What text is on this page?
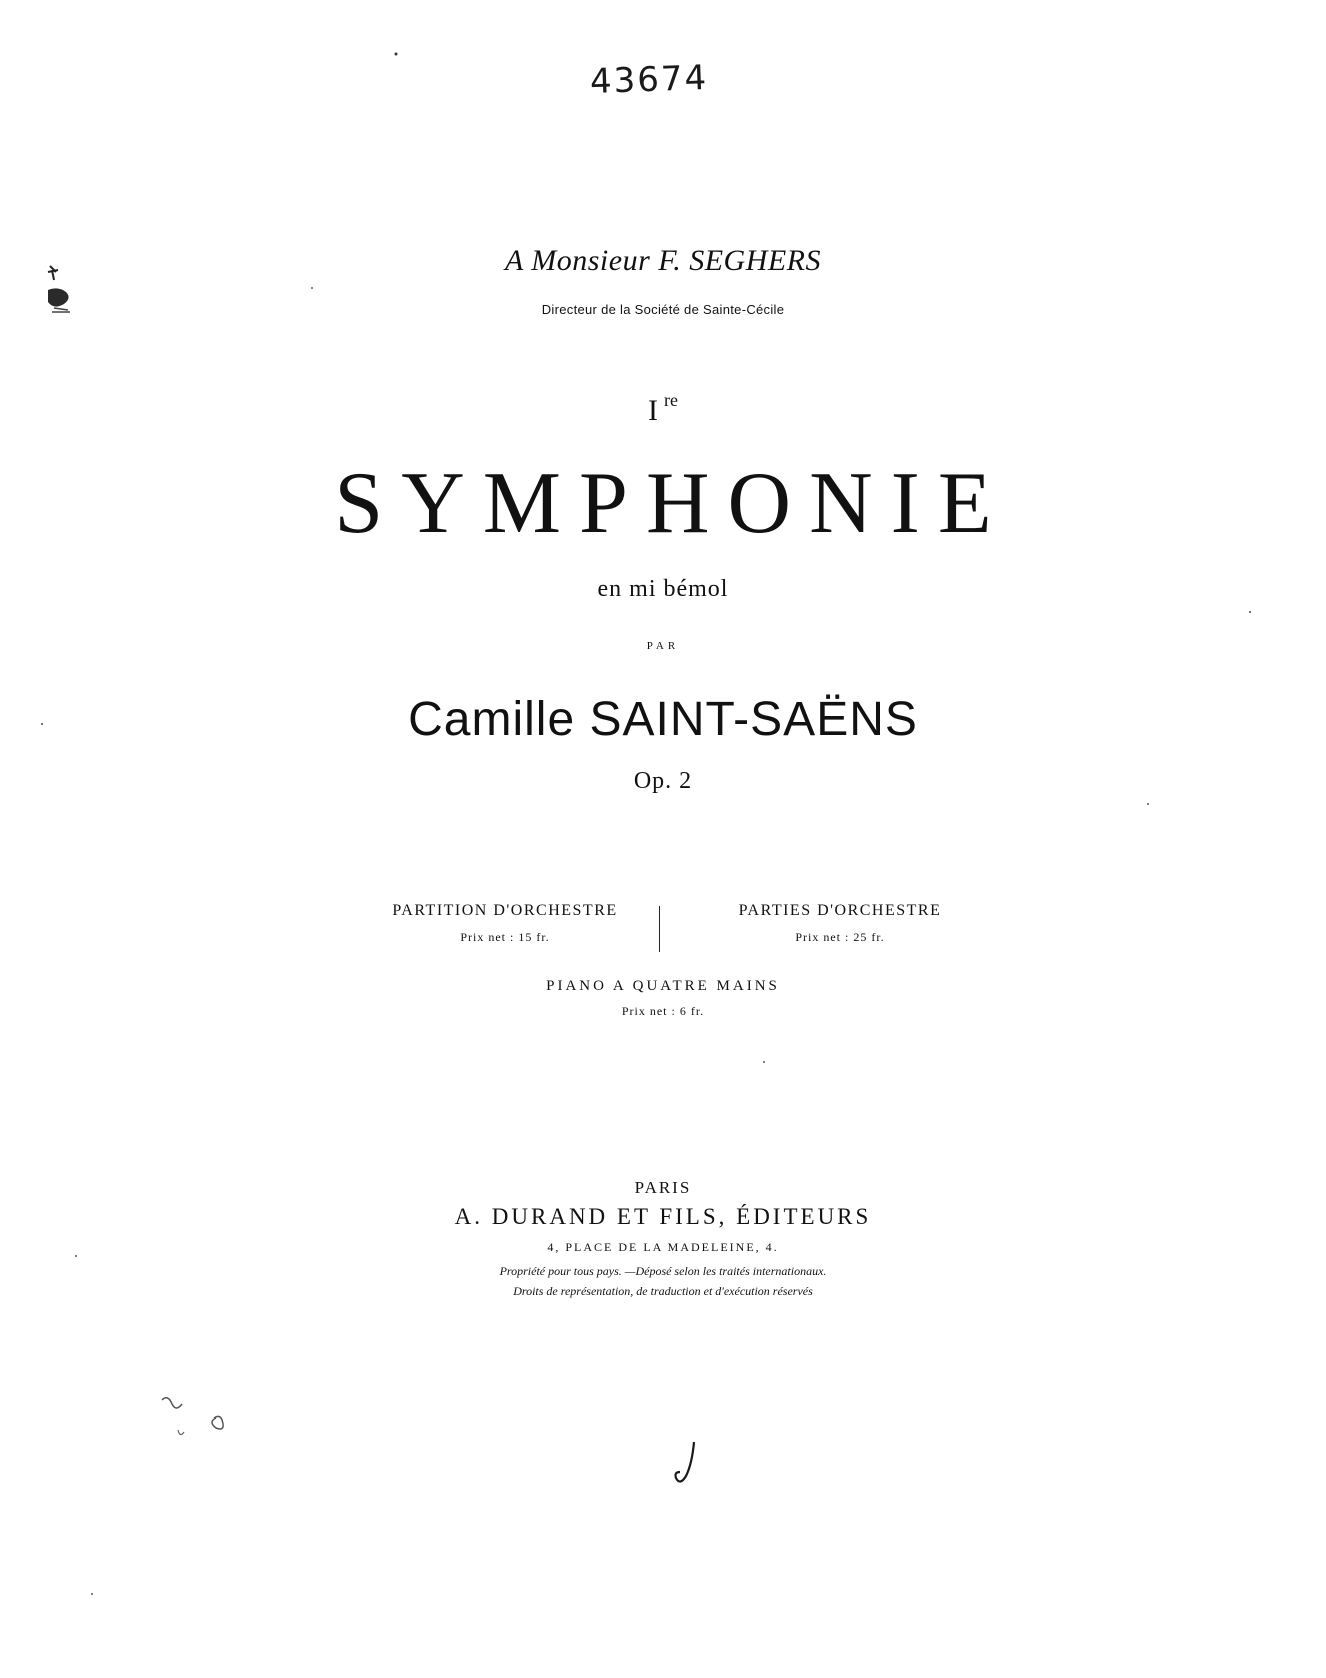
43674
A Monsieur F. SEGHERS
Directeur de la Société de Sainte-Cécile
I $^{re}$
SYMPHONIE
en mi bémol
PAR
Camille SAINT-SAËNS
Op. 2
PARTITION D'ORCHESTRE
Prix net : 15 fr.
PARTIES D'ORCHESTRE
Prix net : 25 fr.
PIANO A QUATRE MAINS
Prix net : 6 fr.
PARIS
A. DURAND ET FILS, ÉDITEURS
4, PLACE DE LA MADELEINE, 4.
Propriété pour tous pays. —Déposé selon les traités internationaux.
Droits de représentation, de traduction et d'exécution réservés
